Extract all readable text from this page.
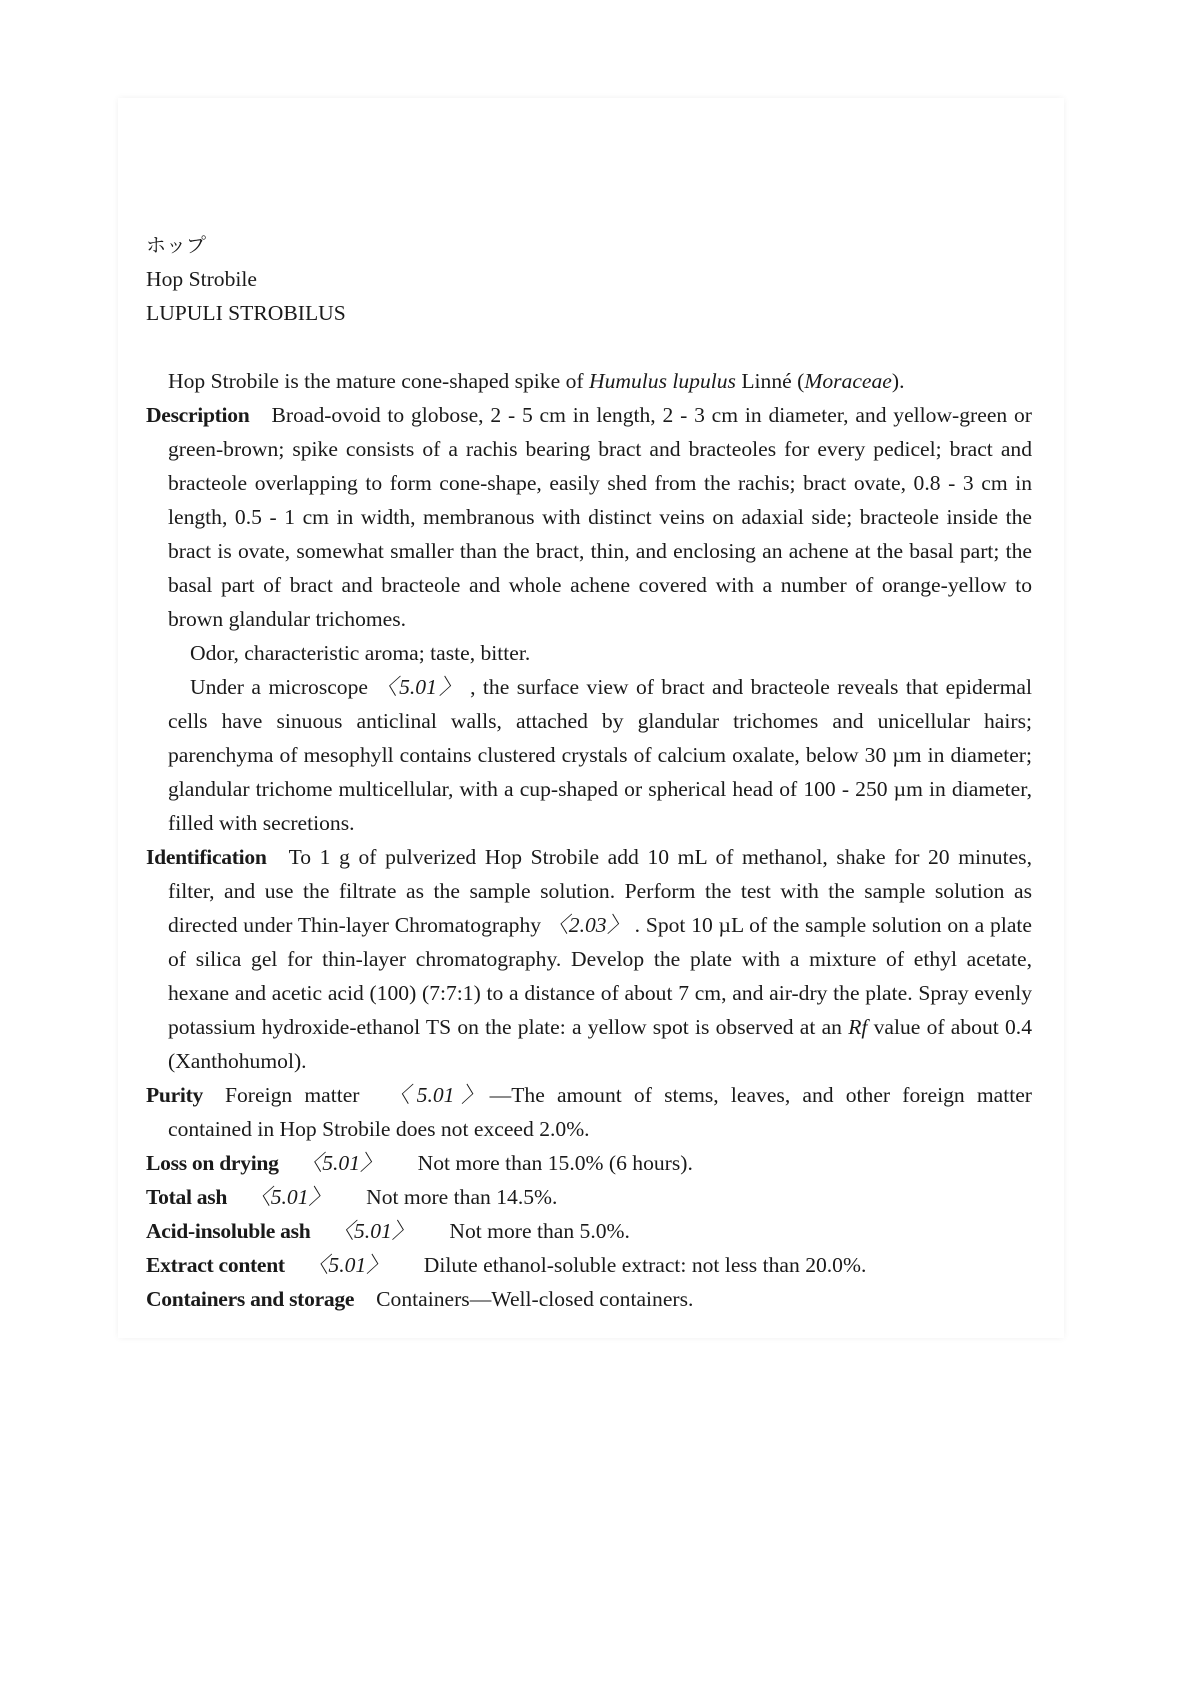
ホップ
Hop Strobile
LUPULI STROBILUS

Hop Strobile is the mature cone-shaped spike of Humulus lupulus Linné (Moraceae).

Description Broad-ovoid to globose, 2 - 5 cm in length, 2 - 3 cm in diameter, and yellow-green or green-brown; spike consists of a rachis bearing bract and bracteoles for every pedicel; bract and bracteole overlapping to form cone-shape, easily shed from the rachis; bract ovate, 0.8 - 3 cm in length, 0.5 - 1 cm in width, membranous with distinct veins on adaxial side; bracteole inside the bract is ovate, somewhat smaller than the bract, thin, and enclosing an achene at the basal part; the basal part of bract and bracteole and whole achene covered with a number of orange-yellow to brown glandular trichomes.

Odor, characteristic aroma; taste, bitter.

Under a microscope 〈5.01〉 , the surface view of bract and bracteole reveals that epidermal cells have sinuous anticlinal walls, attached by glandular trichomes and unicellular hairs; parenchyma of mesophyll contains clustered crystals of calcium oxalate, below 30 µm in diameter; glandular trichome multicellular, with a cup-shaped or spherical head of 100 - 250 µm in diameter, filled with secretions.

Identification To 1 g of pulverized Hop Strobile add 10 mL of methanol, shake for 20 minutes, filter, and use the filtrate as the sample solution. Perform the test with the sample solution as directed under Thin-layer Chromatography 〈2.03〉 . Spot 10 µL of the sample solution on a plate of silica gel for thin-layer chromatography. Develop the plate with a mixture of ethyl acetate, hexane and acetic acid (100) (7:7:1) to a distance of about 7 cm, and air-dry the plate. Spray evenly potassium hydroxide-ethanol TS on the plate: a yellow spot is observed at an Rf value of about 0.4 (Xanthohumol).

Purity Foreign matter 〈5.01〉—The amount of stems, leaves, and other foreign matter contained in Hop Strobile does not exceed 2.0%.

Loss on drying 〈5.01〉 Not more than 15.0% (6 hours).

Total ash 〈5.01〉 Not more than 14.5%.

Acid-insoluble ash 〈5.01〉 Not more than 5.0%.

Extract content 〈5.01〉 Dilute ethanol-soluble extract: not less than 20.0%.

Containers and storage Containers—Well-closed containers.
